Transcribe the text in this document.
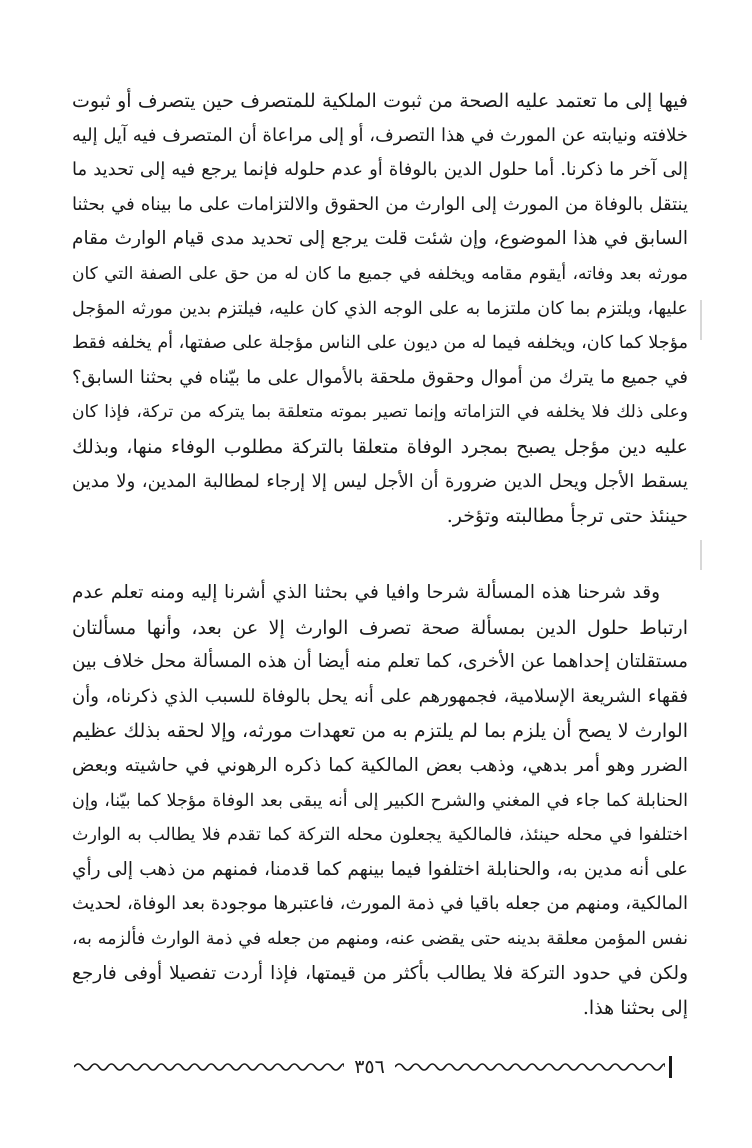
فيها إلى ما تعتمد عليه الصحة من ثبوت الملكية للمتصرف حين يتصرف أو ثبوت
خلافته ونيابته عن المورث في هذا التصرف، أو إلى مراعاة أن المتصرف فيه آيل إليه
إلى آخر ما ذكرنا. أما حلول الدين بالوفاة أو عدم حلوله فإنما يرجع فيه إلى تحديد ما
ينتقل بالوفاة من المورث إلى الوارث من الحقوق والالتزامات على ما بيناه في بحثنا
السابق في هذا الموضوع، وإن شئت قلت يرجع إلى تحديد مدى قيام الوارث مقام
مورثه بعد وفاته، أيقوم مقامه ويخلفه في جميع ما كان له من حق على الصفة التي كان
عليها، ويلتزم بما كان ملتزما به على الوجه الذي كان عليه، فيلتزم بدين مورثه المؤجل
مؤجلا كما كان، ويخلفه فيما له من ديون على الناس مؤجلة على صفتها، أم يخلفه فقط
في جميع ما يترك من أموال وحقوق ملحقة بالأموال على ما بيّناه في بحثنا السابق؟
وعلى ذلك فلا يخلفه في التزاماته وإنما تصير بموته متعلقة بما يتركه من تركة، فإذا كان
عليه دين مؤجل يصبح بمجرد الوفاة متعلقا بالتركة مطلوب الوفاء منها، وبذلك
يسقط الأجل ويحل الدين ضرورة أن الأجل ليس إلا إرجاء لمطالبة المدين، ولا مدين
حينئذ حتى ترجأ مطالبته وتؤخر.
وقد شرحنا هذه المسألة شرحا وافيا في بحثنا الذي أشرنا إليه ومنه تعلم عدم
ارتباط حلول الدين بمسألة صحة تصرف الوارث إلا عن بعد، وأنها مسألتان
مستقلتان إحداهما عن الأخرى، كما تعلم منه أيضا أن هذه المسألة محل خلاف بين
فقهاء الشريعة الإسلامية، فجمهورهم على أنه يحل بالوفاة للسبب الذي ذكرناه، وأن
الوارث لا يصح أن يلزم بما لم يلتزم به من تعهدات مورثه، وإلا لحقه بذلك عظيم
الضرر وهو أمر بدهي، وذهب بعض المالكية كما ذكره الرهوني في حاشيته وبعض
الحنابلة كما جاء في المغني والشرح الكبير إلى أنه يبقى بعد الوفاة مؤجلا كما بيّنا، وإن
اختلفوا في محله حينئذ، فالمالكية يجعلون محله التركة كما تقدم فلا يطالب به الوارث
على أنه مدين به، والحنابلة اختلفوا فيما بينهم كما قدمنا، فمنهم من ذهب إلى رأي
المالكية، ومنهم من جعله باقيا في ذمة المورث، فاعتبرها موجودة بعد الوفاة، لحديث
نفس المؤمن معلقة بدينه حتى يقضى عنه، ومنهم من جعله في ذمة الوارث فألزمه به،
ولكن في حدود التركة فلا يطالب بأكثر من قيمتها، فإذا أردت تفصيلا أوفى فارجع
إلى بحثنا هذا.
٣٥٦
